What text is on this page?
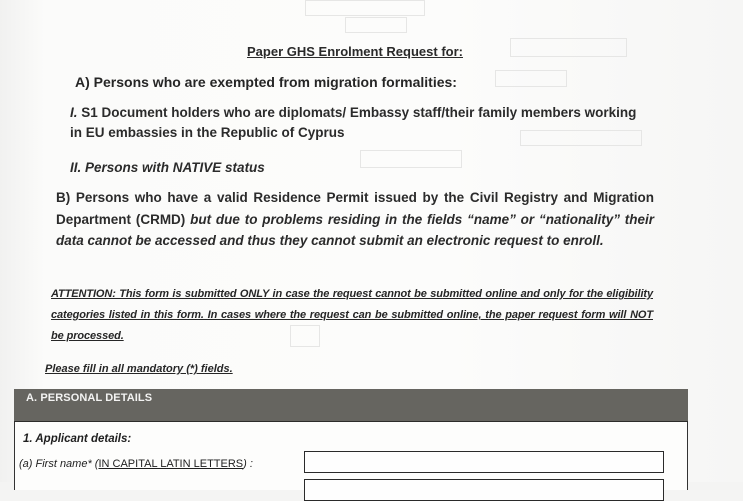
Paper GHS Enrolment Request for:
A) Persons who are exempted from migration formalities:
I. S1 Document holders who are diplomats/ Embassy staff/their family members working
in EU embassies in the Republic of Cyprus
II. Persons with NATIVE status
B) Persons who have a valid Residence Permit issued by the Civil Registry and Migration Department (CRMD) but due to problems residing in the fields “name” or “nationality” their data cannot be accessed and thus they cannot submit an electronic request to enroll.
ATTENTION: This form is submitted ONLY in case the request cannot be submitted online and only for the eligibility categories listed in this form. In cases where the request can be submitted online, the paper request form will NOT be processed.
Please fill in all mandatory (*) fields.
A. PERSONAL DETAILS
1. Applicant details:
(a) First name* (IN CAPITAL LATIN LETTERS) :
